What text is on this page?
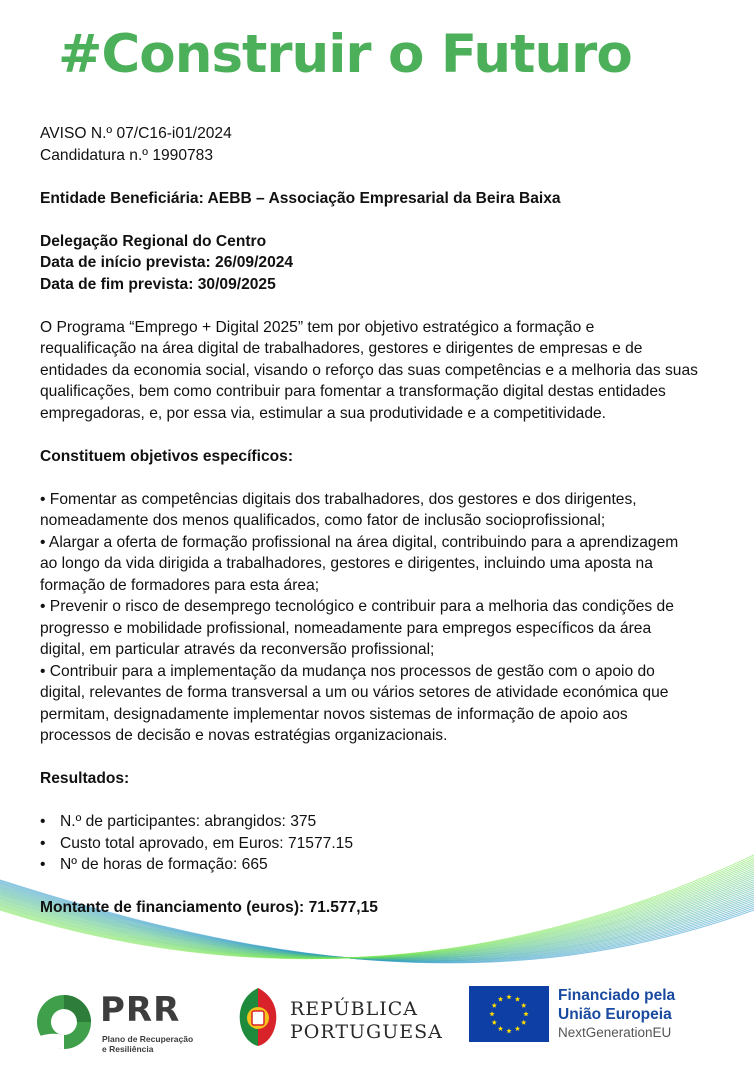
#Construir o Futuro

AVISO N.º 07/C16-i01/2024

Candidatura n.º 1990783

Entidade Beneficiária: AEBB – Associação Empresarial da Beira Baixa

Delegação Regional do Centro

Data de início prevista: 26/09/2024

Data de fim prevista: 30/09/2025

O Programa “Emprego + Digital 2025” tem por objetivo estratégico a formação e

requalificação na área digital de trabalhadores, gestores e dirigentes de empresas e de

entidades da economia social, visando o reforço das suas competências e a melhoria das suas

qualificações, bem como contribuir para fomentar a transformação digital destas entidades

empregadoras, e, por essa via, estimular a sua produtividade e a competitividade.

Constituem objetivos específicos:

• Fomentar as competências digitais dos trabalhadores, dos gestores e dos dirigentes,

nomeadamente dos menos qualificados, como fator de inclusão socioprofissional;

• Alargar a oferta de formação profissional na área digital, contribuindo para a aprendizagem

ao longo da vida dirigida a trabalhadores, gestores e dirigentes, incluindo uma aposta na

formação de formadores para esta área;

• Prevenir o risco de desemprego tecnológico e contribuir para a melhoria das condições de

progresso e mobilidade profissional, nomeadamente para empregos específicos da área

digital, em particular através da reconversão profissional;

• Contribuir para a implementação da mudança nos processos de gestão com o apoio do

digital, relevantes de forma transversal a um ou vários setores de atividade económica que

permitam, designadamente implementar novos sistemas de informação de apoio aos

processos de decisão e novas estratégias organizacionais.

Resultados:

• N.º de participantes: abrangidos: 375
• Custo total aprovado, em Euros: 71577.15
• Nº de horas de formação: 665

Montante de financiamento (euros): 71.577,15

PRR
Plano de Recuperação
e Resiliência
REPÚBLICA
PORTUGUESA
Financiado pela
União Europeia
NextGenerationEU
